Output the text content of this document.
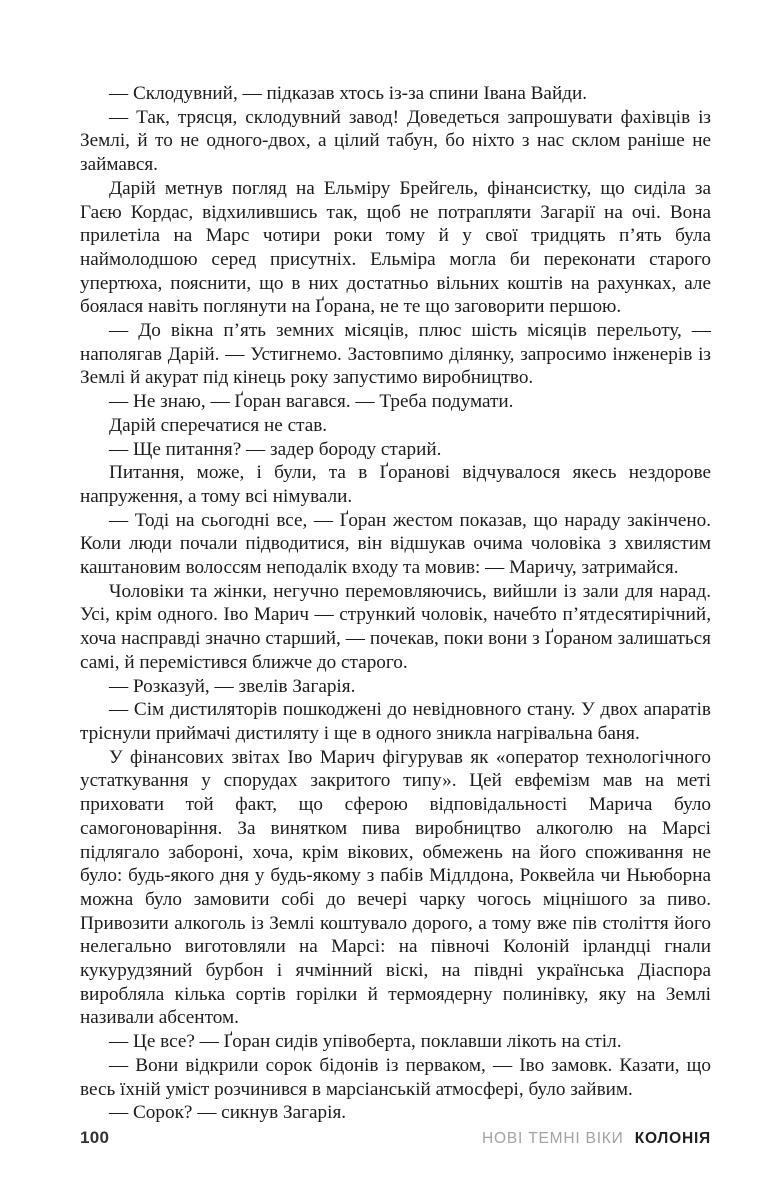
— Склодувний, — підказав хтось із-за спини Івана Вайди.

— Так, трясця, склодувний завод! Доведеться запрошувати фахівців із Землі, й то не одного-двох, а цілий табун, бо ніхто з нас склом раніше не займався.

Дарій метнув погляд на Ельміру Брейгель, фінансистку, що сиділа за Гаєю Кордас, відхилившись так, щоб не потрапляти Загарії на очі. Вона прилетіла на Марс чотири роки тому й у свої тридцять п’ять була наймолодшою серед присутніх. Ельміра могла би переконати старого упертюха, пояснити, що в них достатньо вільних коштів на рахунках, але боялася навіть поглянути на Ґорана, не те що заговорити першою.

— До вікна п’ять земних місяців, плюс шість місяців перельоту, — наполягав Дарій. — Устигнемо. Застовпимо ділянку, запросимо інженерів із Землі й акурат під кінець року запустимо виробництво.

— Не знаю, — Ґоран вагався. — Треба подумати.

Дарій сперечатися не став.

— Ще питання? — задер бороду старий.

Питання, може, і були, та в Ґоранові відчувалося якесь нездорове напруження, а тому всі німували.

— Тоді на сьогодні все, — Ґоран жестом показав, що нараду закінчено. Коли люди почали підводитися, він відшукав очима чоловіка з хвилястим каштановим волоссям неподалік входу та мовив: — Маричу, затримайся.

Чоловіки та жінки, негучно перемовляючись, вийшли із зали для нарад. Усі, крім одного. Іво Марич — стрункий чоловік, начебто п’ятдесятирічний, хоча насправді значно старший, — почекав, поки вони з Ґораном залишаться самі, й перемістився ближче до старого.

— Розказуй, — звелів Загарія.

— Сім дистиляторів пошкоджені до невідновного стану. У двох апаратів тріснули приймачі дистиляту і ще в одного зникла нагрівальна баня.

У фінансових звітах Іво Марич фігурував як «оператор технологічного устаткування у спорудах закритого типу». Цей евфемізм мав на меті приховати той факт, що сферою відповідальності Марича було самогоноваріння. За винятком пива виробництво алкоголю на Марсі підлягало забороні, хоча, крім вікових, обмежень на його споживання не було: будь-якого дня у будь-якому з пабів Мідлдона, Роквейла чи Ньюборна можна було замовити собі до вечері чарку чогось міцнішого за пиво. Привозити алкоголь із Землі коштувало дорого, а тому вже пів століття його нелегально виготовляли на Марсі: на півночі Колоній ірландці гнали кукурудзяний бурбон і ячмінний віскі, на півдні українська Діаспора виробляла кілька сортів горілки й термоядерну полинівку, яку на Землі називали абсентом.

— Це все? — Ґоран сидів упівоберта, поклавши лікоть на стіл.

— Вони відкрили сорок бідонів із перваком, — Іво замовк. Казати, що весь їхній уміст розчинився в марсіанській атмосфері, було зайвим.

— Сорок? — сикнув Загарія.

100	НОВІ ТЕМНІ ВІКИ КОЛОНІЯ
